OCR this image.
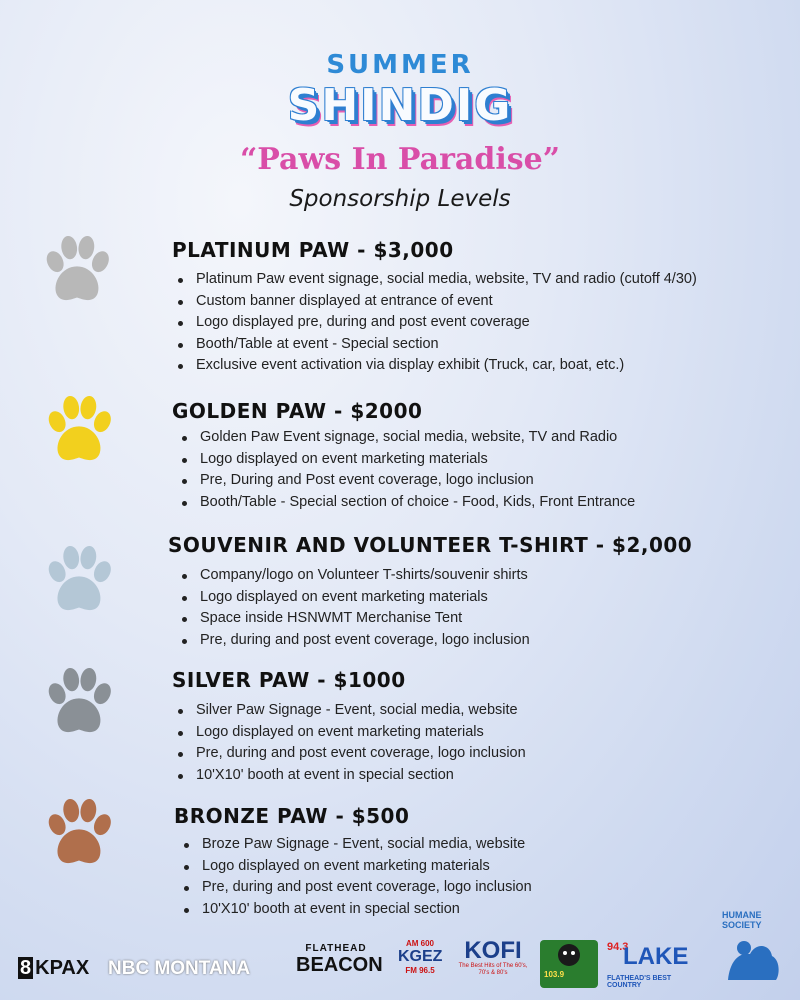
SUMMER
SHINDIG
“Paws In Paradise”
Sponsorship Levels
PLATINUM PAW - $3,000
Platinum Paw event signage, social media, website, TV and radio (cutoff 4/30)
Custom banner displayed at entrance of event
Logo displayed pre, during and post event coverage
Booth/Table at event - Special section
Exclusive event activation via display exhibit (Truck, car, boat, etc.)
GOLDEN PAW - $2000
Golden Paw Event signage, social media, website, TV and Radio
Logo displayed on event marketing materials
Pre, During and Post event coverage, logo inclusion
Booth/Table - Special section of choice - Food, Kids, Front Entrance
SOUVENIR AND VOLUNTEER T-SHIRT - $2,000
Company/logo on Volunteer T-shirts/souvenir shirts
Logo displayed on event marketing materials
Space inside HSNWMT Merchanise Tent
Pre, during and post event coverage, logo inclusion
SILVER PAW - $1000
Silver Paw Signage - Event, social media, website
Logo displayed on event marketing materials
Pre, during and post event coverage, logo inclusion
10'X10' booth at event in special section
BRONZE PAW - $500
Broze Paw Signage - Event, social media, website
Logo displayed on event marketing materials
Pre, during and post event coverage, logo inclusion
10'X10' booth at event in special section
8 KPAX NBC MONTANA
FLATHEAD
BEACON
AM 600
KGEZ
FM 96.5
KOFI
The Best Hits of The 60's, 70's & 80's	103.9
94.3
LAKE
FLATHEAD'S BEST COUNTRY
HUMANE
SOCIETY
